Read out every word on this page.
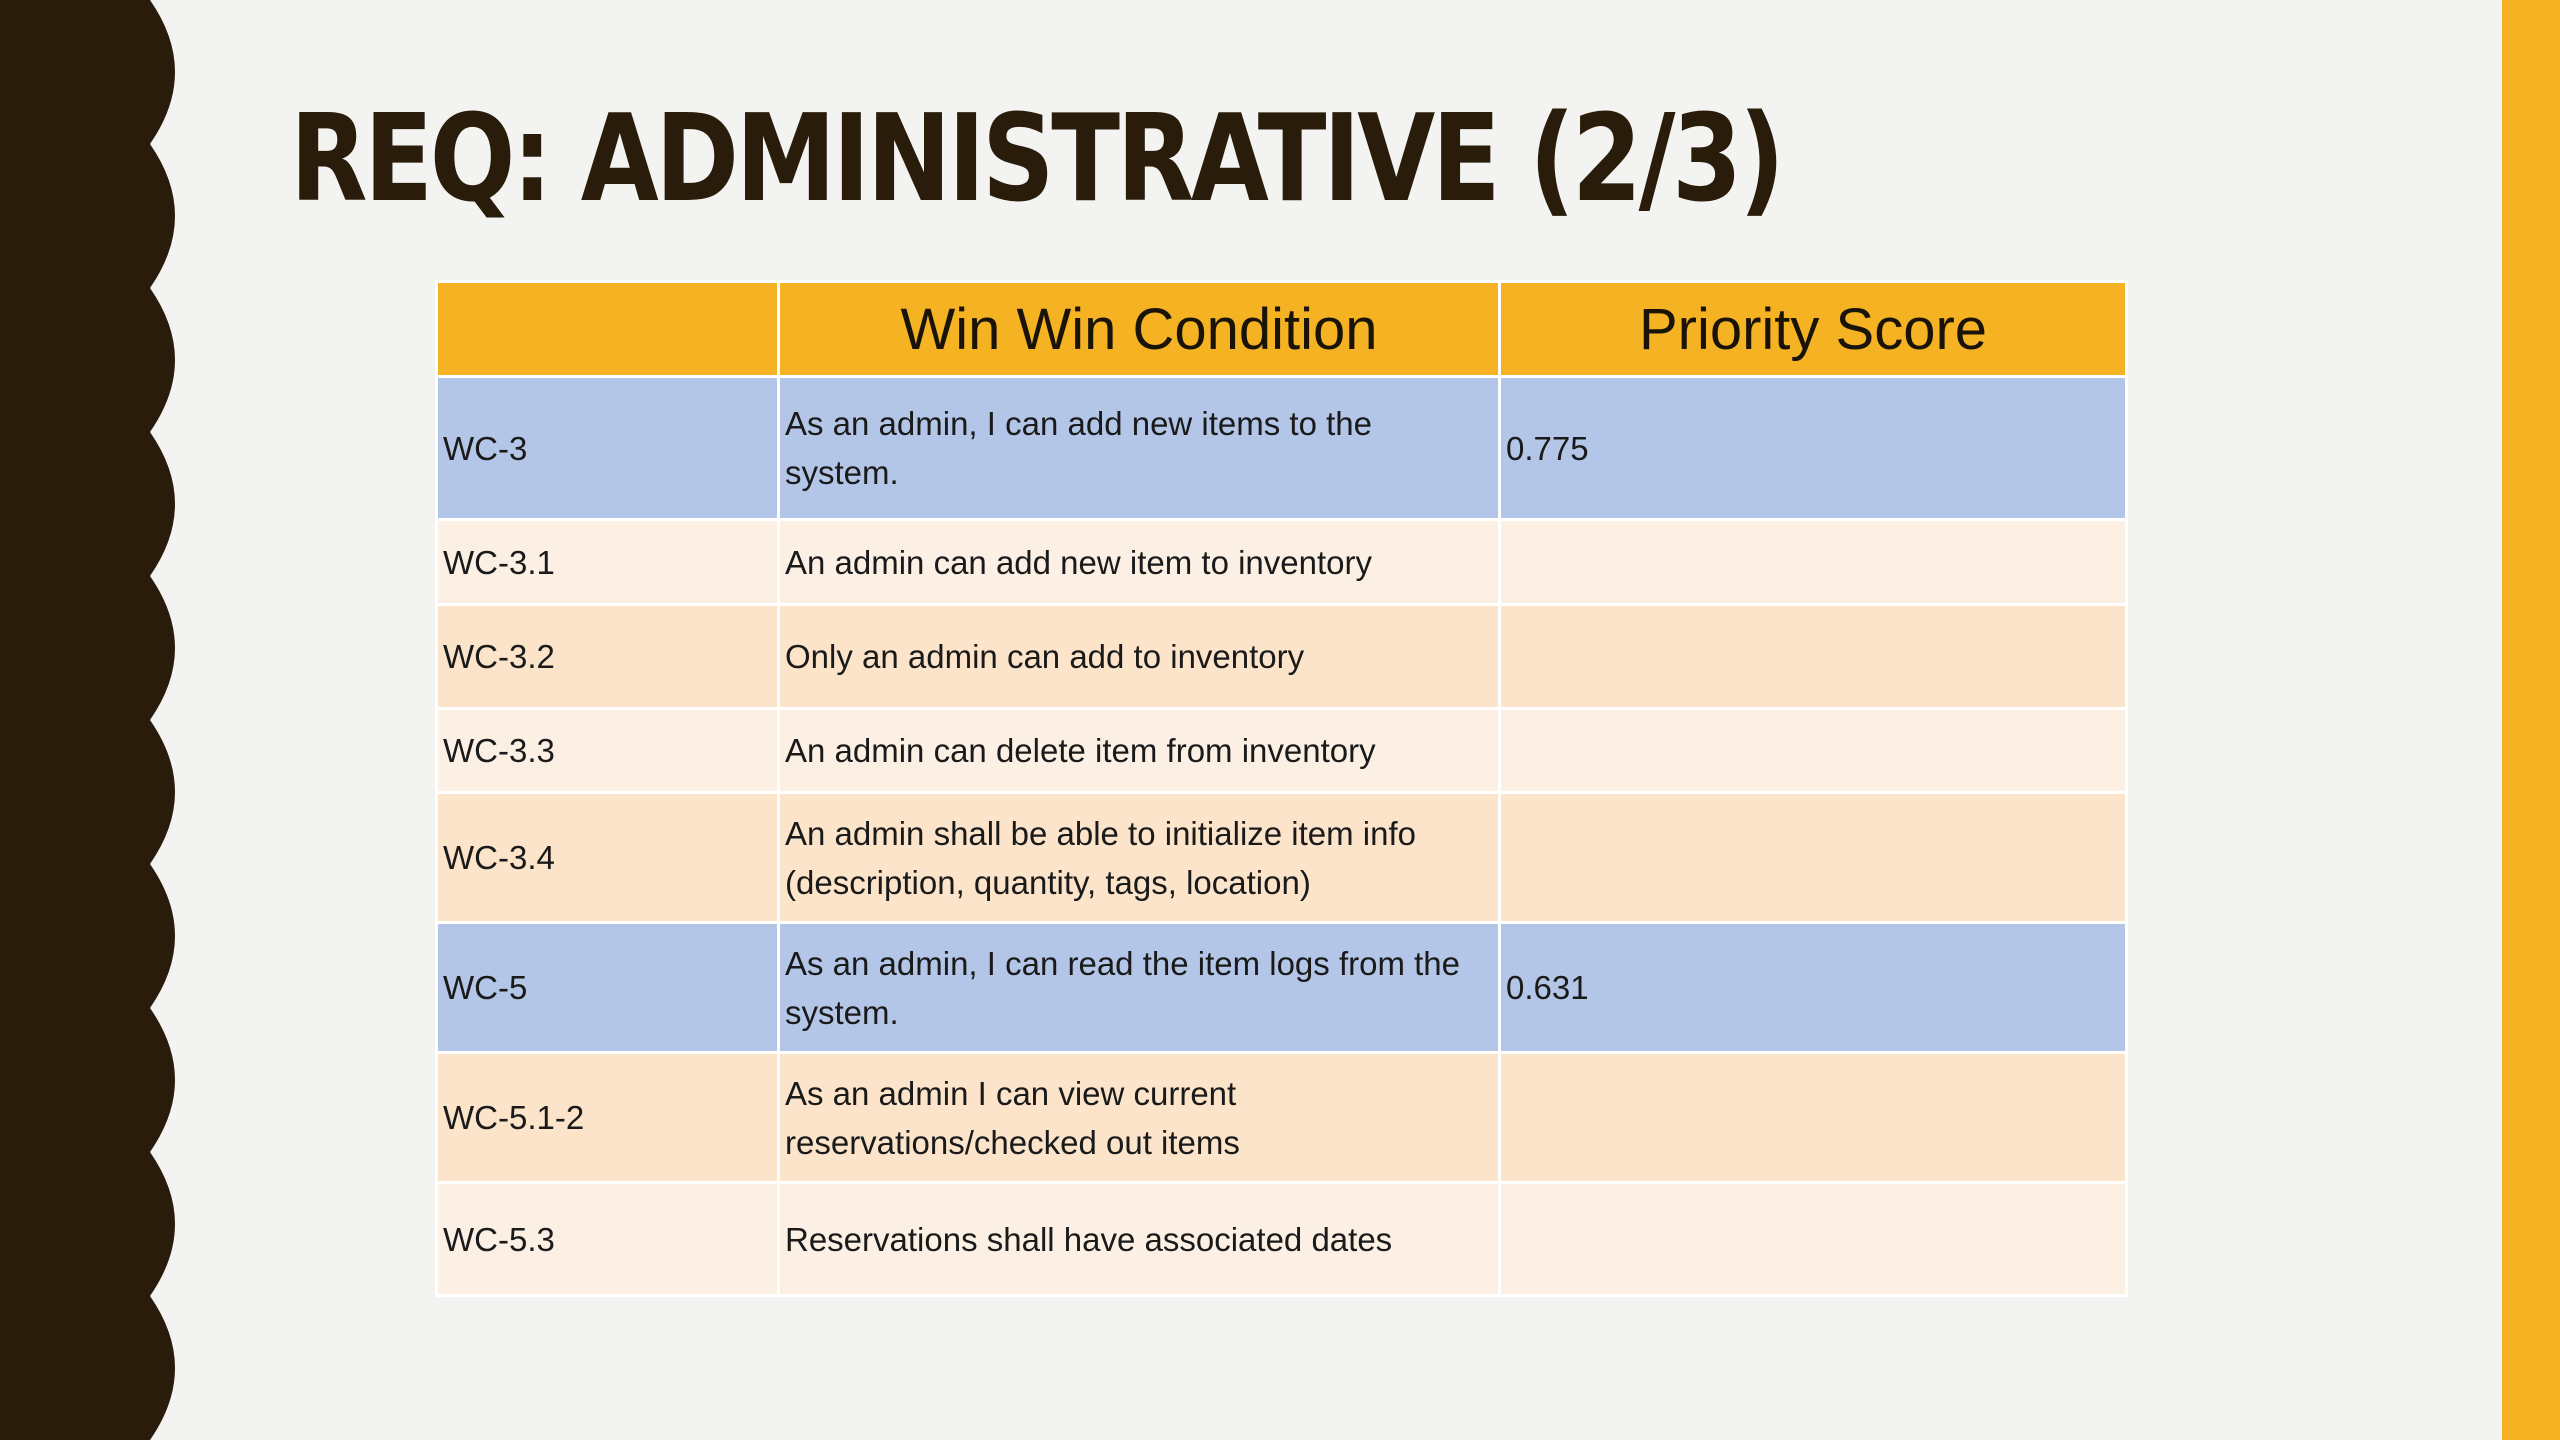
REQ: ADMINISTRATIVE (2/3)
	Win Win Condition	Priority Score
WC-3	As an admin, I can add new items to the system.	0.775
WC-3.1	An admin can add new item to inventory	
WC-3.2	Only an admin can add to inventory	
WC-3.3	An admin can delete item from inventory	
WC-3.4	An admin shall be able to initialize item info (description, quantity, tags, location)	
WC-5	As an admin, I can read the item logs from the system.	0.631
WC-5.1-2	As an admin I can view current reservations/checked out items	
WC-5.3	Reservations shall have associated dates	
